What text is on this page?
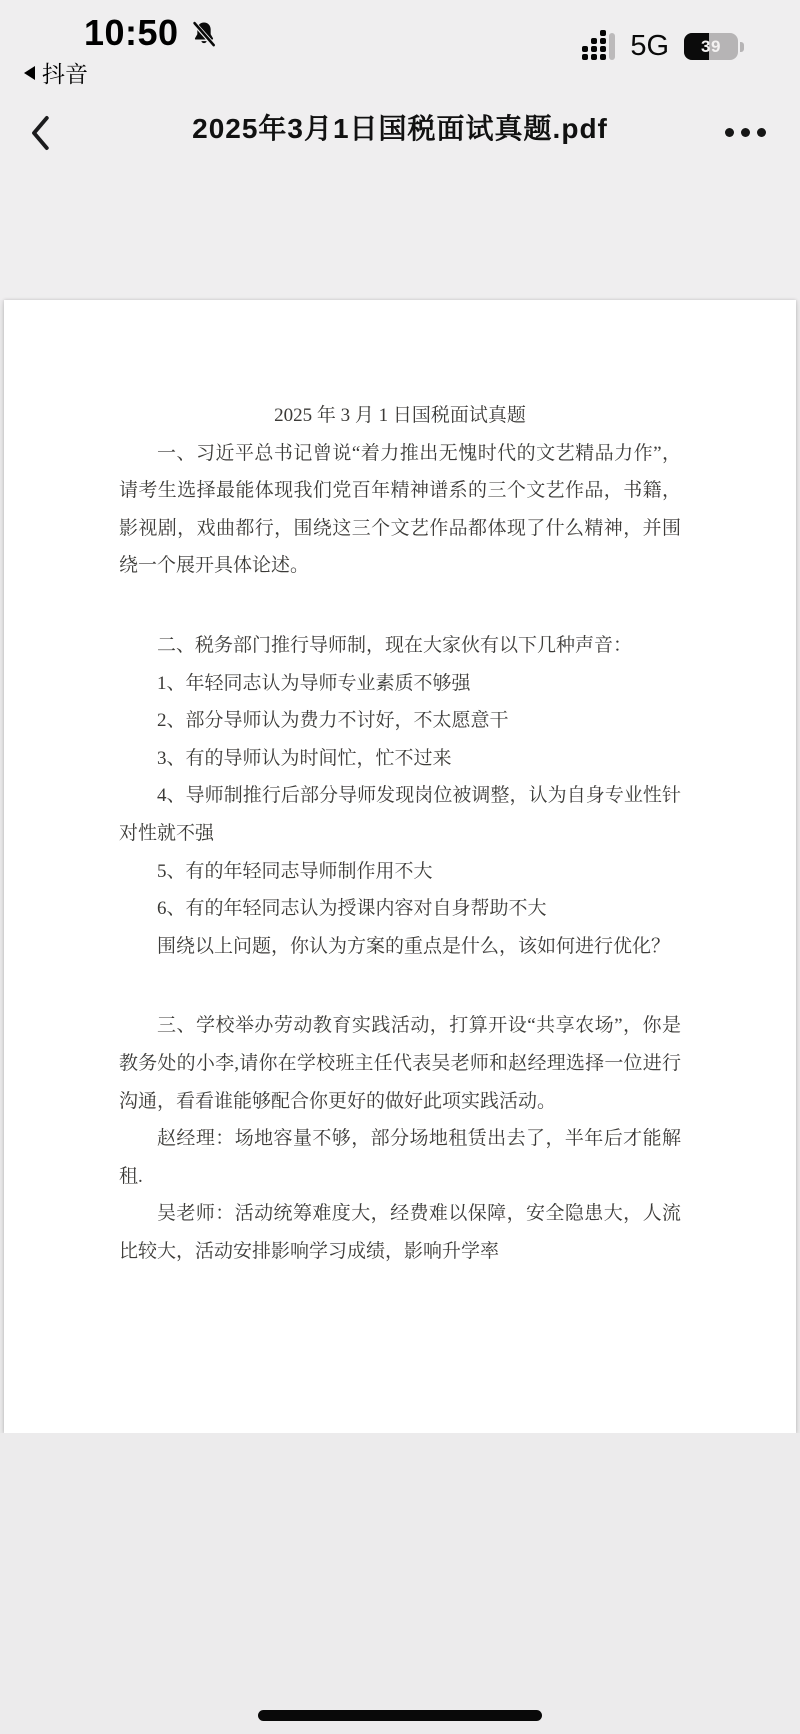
10:50
抖音
5G	39
2025年3月1日国税面试真题.pdf

2025 年 3 月 1 日国税面试真题

一、习近平总书记曾说“着力推出无愧时代的文艺精品力作”，请考生选择最能体现我们党百年精神谱系的三个文艺作品，书籍，影视剧，戏曲都行，围绕这三个文艺作品都体现了什么精神，并围绕一个展开具体论述。

二、税务部门推行导师制，现在大家伙有以下几种声音：

1、年轻同志认为导师专业素质不够强

2、部分导师认为费力不讨好，不太愿意干

3、有的导师认为时间忙，忙不过来

4、导师制推行后部分导师发现岗位被调整，认为自身专业性针对性就不强

5、有的年轻同志导师制作用不大

6、有的年轻同志认为授课内容对自身帮助不大

围绕以上问题，你认为方案的重点是什么，该如何进行优化？

三、学校举办劳动教育实践活动，打算开设“共享农场”，你是教务处的小李,请你在学校班主任代表吴老师和赵经理选择一位进行沟通，看看谁能够配合你更好的做好此项实践活动。

赵经理：场地容量不够，部分场地租赁出去了，半年后才能解租.

吴老师：活动统筹难度大，经费难以保障，安全隐患大，人流比较大，活动安排影响学习成绩，影响升学率
